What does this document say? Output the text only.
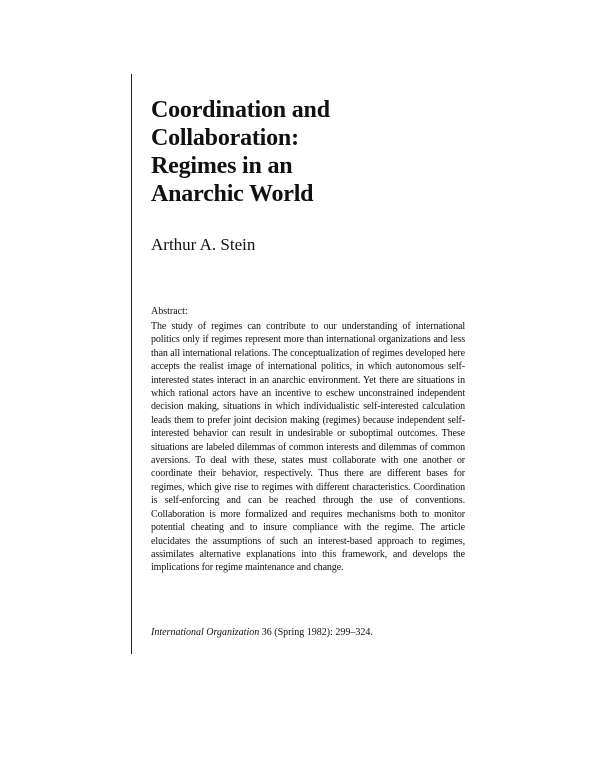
Coordination and
Collaboration:
Regimes in an
Anarchic World

Arthur A. Stein

Abstract:

The study of regimes can contribute to our understanding of international politics only if regimes represent more than international organizations and less than all international relations. The conceptualization of regimes developed here accepts the realist image of international politics, in which autonomous self-interested states interact in an anarchic environment. Yet there are situations in which rational actors have an incentive to eschew unconstrained independent decision making, situations in which individualistic self-interested calculation leads them to prefer joint decision making (regimes) because independent self-interested behavior can result in undesirable or suboptimal outcomes. These situations are labeled dilemmas of common interests and dilemmas of common aversions. To deal with these, states must collaborate with one another or coordinate their behavior, respectively. Thus there are different bases for regimes, which give rise to regimes with different characteristics. Coordination is self-enforcing and can be reached through the use of conventions. Collaboration is more formalized and requires mechanisms both to monitor potential cheating and to insure compliance with the regime. The article elucidates the assumptions of such an interest-based approach to regimes, assimilates alternative explanations into this framework, and develops the implications for regime maintenance and change.

International Organization 36 (Spring 1982): 299–324.
